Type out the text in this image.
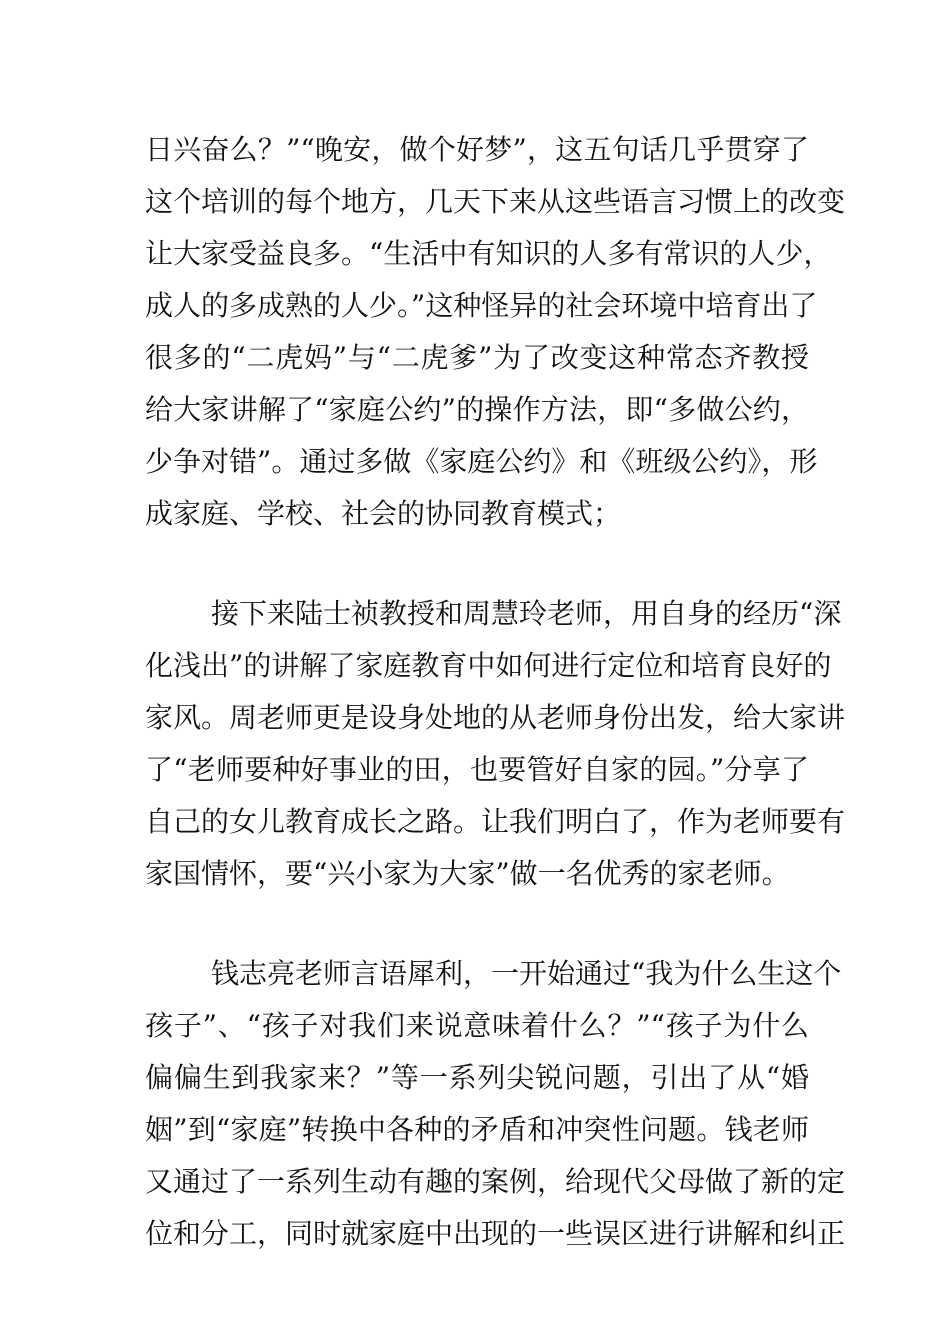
日兴奋么？”“晚安，做个好梦”，这五句话几乎贯穿了
这个培训的每个地方，几天下来从这些语言习惯上的改变
让大家受益良多。“生活中有知识的人多有常识的人少，
成人的多成熟的人少。”这种怪异的社会环境中培育出了
很多的“二虎妈”与“二虎爹”为了改变这种常态齐教授
给大家讲解了“家庭公约”的操作方法，即“多做公约，
少争对错”。通过多做《家庭公约》和《班级公约》，形
成家庭、学校、社会的协同教育模式；
接下来陆士祯教授和周慧玲老师，用自身的经历“深
化浅出”的讲解了家庭教育中如何进行定位和培育良好的
家风。周老师更是设身处地的从老师身份出发，给大家讲
了“老师要种好事业的田，也要管好自家的园。”分享了
自己的女儿教育成长之路。让我们明白了，作为老师要有
家国情怀，要“兴小家为大家”做一名优秀的家老师。
钱志亮老师言语犀利，一开始通过“我为什么生这个
孩子”、“孩子对我们来说意味着什么？”“孩子为什么
偏偏生到我家来？”等一系列尖锐问题，引出了从“婚
姻”到“家庭”转换中各种的矛盾和冲突性问题。钱老师
又通过了一系列生动有趣的案例，给现代父母做了新的定
位和分工，同时就家庭中出现的一些误区进行讲解和纠正
